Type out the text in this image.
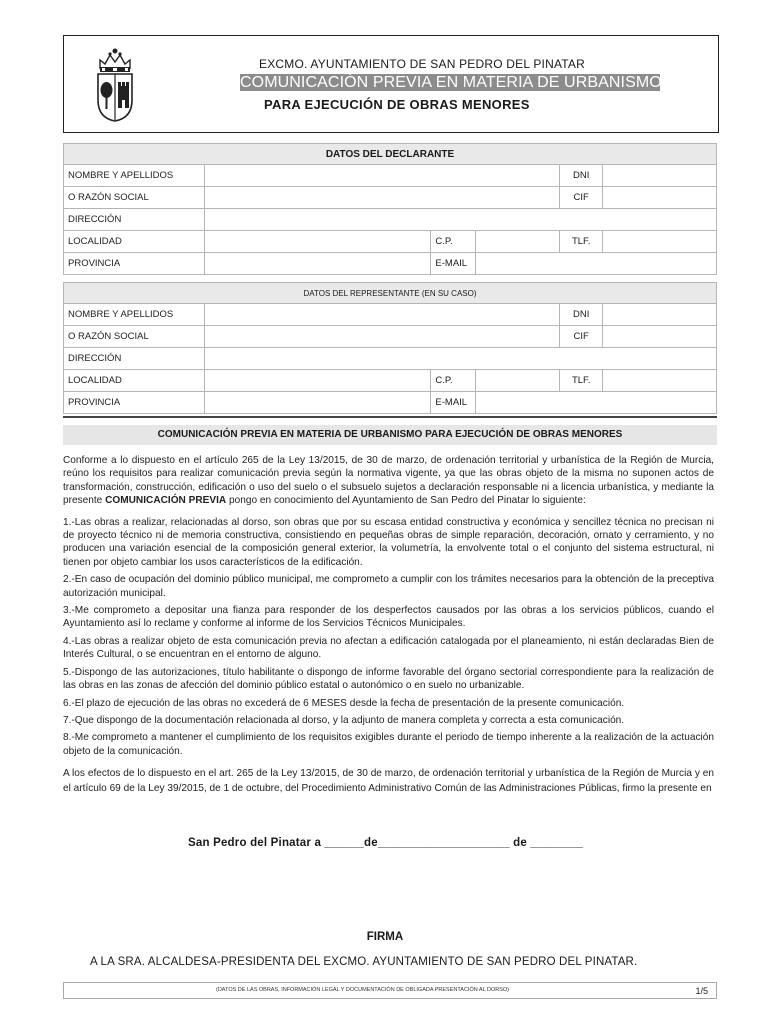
EXCMO. AYUNTAMIENTO DE SAN PEDRO DEL PINATAR
COMUNICACIÓN PREVIA EN MATERIA DE URBANISMO
PARA EJECUCIÓN DE OBRAS MENORES
DATOS DEL DECLARANTE					
NOMBRE Y APELLIDOS				DNI	
O RAZÓN SOCIAL				CIF	
DIRECCIÓN					
LOCALIDAD		C.P.		TLF.	
PROVINCIA		E-MAIL			
DATOS DEL REPRESENTANTE (EN SU CASO)					
NOMBRE Y APELLIDOS				DNI	
O RAZÓN SOCIAL				CIF	
DIRECCIÓN					
LOCALIDAD		C.P.		TLF.	
PROVINCIA		E-MAIL			
COMUNICACIÓN PREVIA EN MATERIA DE URBANISMO PARA EJECUCIÓN DE OBRAS MENORES
Conforme a lo dispuesto en el artículo 265 de la Ley 13/2015, de 30 de marzo, de ordenación territorial y urbanística de la Región de Murcia, reúno los requisitos para realizar comunicación previa según la normativa vigente, ya que las obras objeto de la misma no suponen actos de transformación, construcción, edificación o uso del suelo o el subsuelo sujetos a declaración responsable ni a licencia urbanística, y mediante la presente COMUNICACIÓN PREVIA pongo en conocimiento del Ayuntamiento de San Pedro del Pinatar lo siguiente:
1.-Las obras a realizar, relacionadas al dorso, son obras que por su escasa entidad constructiva y económica y sencillez técnica no precisan ni de proyecto técnico ni de memoria constructiva, consistiendo en pequeñas obras de simple reparación, decoración, ornato y cerramiento, y no producen una variación esencial de la composición general exterior, la volumetría, la envolvente total o el conjunto del sistema estructural, ni tienen por objeto cambiar los usos característicos de la edificación.
2.-En caso de ocupación del dominio público municipal, me comprometo a cumplir con los trámites necesarios para la obtención de la preceptiva autorización municipal.
3.-Me comprometo a depositar una fianza para responder de los desperfectos causados por las obras a los servicios públicos, cuando el Ayuntamiento así lo reclame y conforme al informe de los Servicios Técnicos Municipales.
4.-Las obras a realizar objeto de esta comunicación previa no afectan a edificación catalogada por el planeamiento, ni están declaradas Bien de Interés Cultural, o se encuentran en el entorno de alguno.
5.-Dispongo de las autorizaciones, título habilitante o dispongo de informe favorable del órgano sectorial correspondiente para la realización de las obras en las zonas de afección del dominio público estatal o autonómico o en suelo no urbanizable.
6.-El plazo de ejecución de las obras no excederá de 6 MESES desde la fecha de presentación de la presente comunicación.
7.-Que dispongo de la documentación relacionada al dorso, y la adjunto de manera completa y correcta a esta comunicación.
8.-Me comprometo a mantener el cumplimiento de los requisitos exigibles durante el periodo de tiempo inherente a la realización de la actuación objeto de la comunicación.
A los efectos de lo dispuesto en el art. 265 de la Ley 13/2015, de 30 de marzo, de ordenación territorial y urbanística de la Región de Murcia y en el artículo 69 de la Ley 39/2015, de 1 de octubre, del Procedimiento Administrativo Común de las Administraciones Públicas, firmo la presente en
San Pedro del Pinatar a ______de____________________ de ________
FIRMA
A LA SRA. ALCALDESA-PRESIDENTA DEL EXCMO. AYUNTAMIENTO DE SAN PEDRO DEL PINATAR.
(DATOS DE LAS OBRAS, INFORMACIÓN LEGAL Y DOCUMENTACIÓN DE OBLIGADA PRESENTACIÓN AL DORSO)	1/5
